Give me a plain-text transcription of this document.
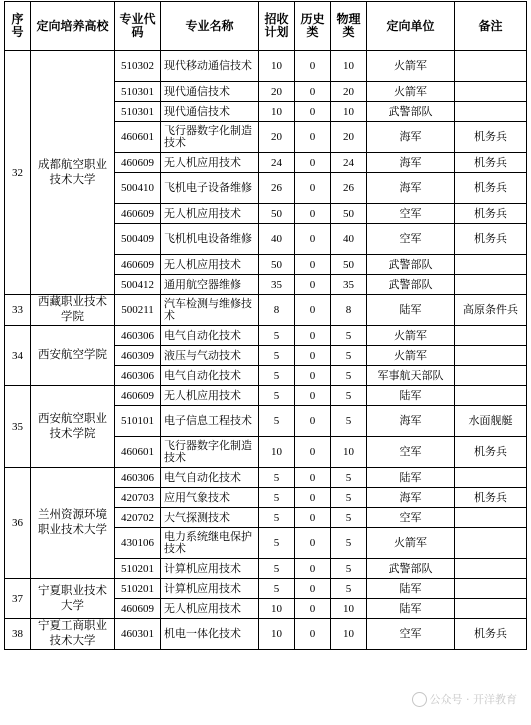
序号	定向培养高校	专业代码	专业名称	招收计划	历史类	物理类	定向单位	备注
32	成都航空职业技术大学	510302	现代移动通信技术	10	0	10	火箭军	
		510301	现代通信技术	20	0	20	火箭军	
		510301	现代通信技术	10	0	10	武警部队	
		460601	飞行器数字化制造技术	20	0	20	海军	机务兵
		460609	无人机应用技术	24	0	24	海军	机务兵
		500410	飞机电子设备维修	26	0	26	海军	机务兵
		460609	无人机应用技术	50	0	50	空军	机务兵
		500409	飞机机电设备维修	40	0	40	空军	机务兵
		460609	无人机应用技术	50	0	50	武警部队	
		500412	通用航空器维修	35	0	35	武警部队	
33	西藏职业技术学院	500211	汽车检测与维修技术	8	0	8	陆军	高原条件兵
34	西安航空学院	460306	电气自动化技术	5	0	5	火箭军	
		460309	液压与气动技术	5	0	5	火箭军	
		460306	电气自动化技术	5	0	5	军事航天部队	
35	西安航空职业技术学院	460609	无人机应用技术	5	0	5	陆军	
		510101	电子信息工程技术	5	0	5	海军	水面舰艇
		460601	飞行器数字化制造技术	10	0	10	空军	机务兵
36	兰州资源环境职业技术大学	460306	电气自动化技术	5	0	5	陆军	
		420703	应用气象技术	5	0	5	海军	机务兵
		420702	大气探测技术	5	0	5	空军	
		430106	电力系统继电保护技术	5	0	5	火箭军	
		510201	计算机应用技术	5	0	5	武警部队	
37	宁夏职业技术大学	510201	计算机应用技术	5	0	5	陆军	
		460609	无人机应用技术	10	0	10	陆军	
38	宁夏工商职业技术大学	460301	机电一体化技术	10	0	10	空军	机务兵
公众号 · 开洋教育
